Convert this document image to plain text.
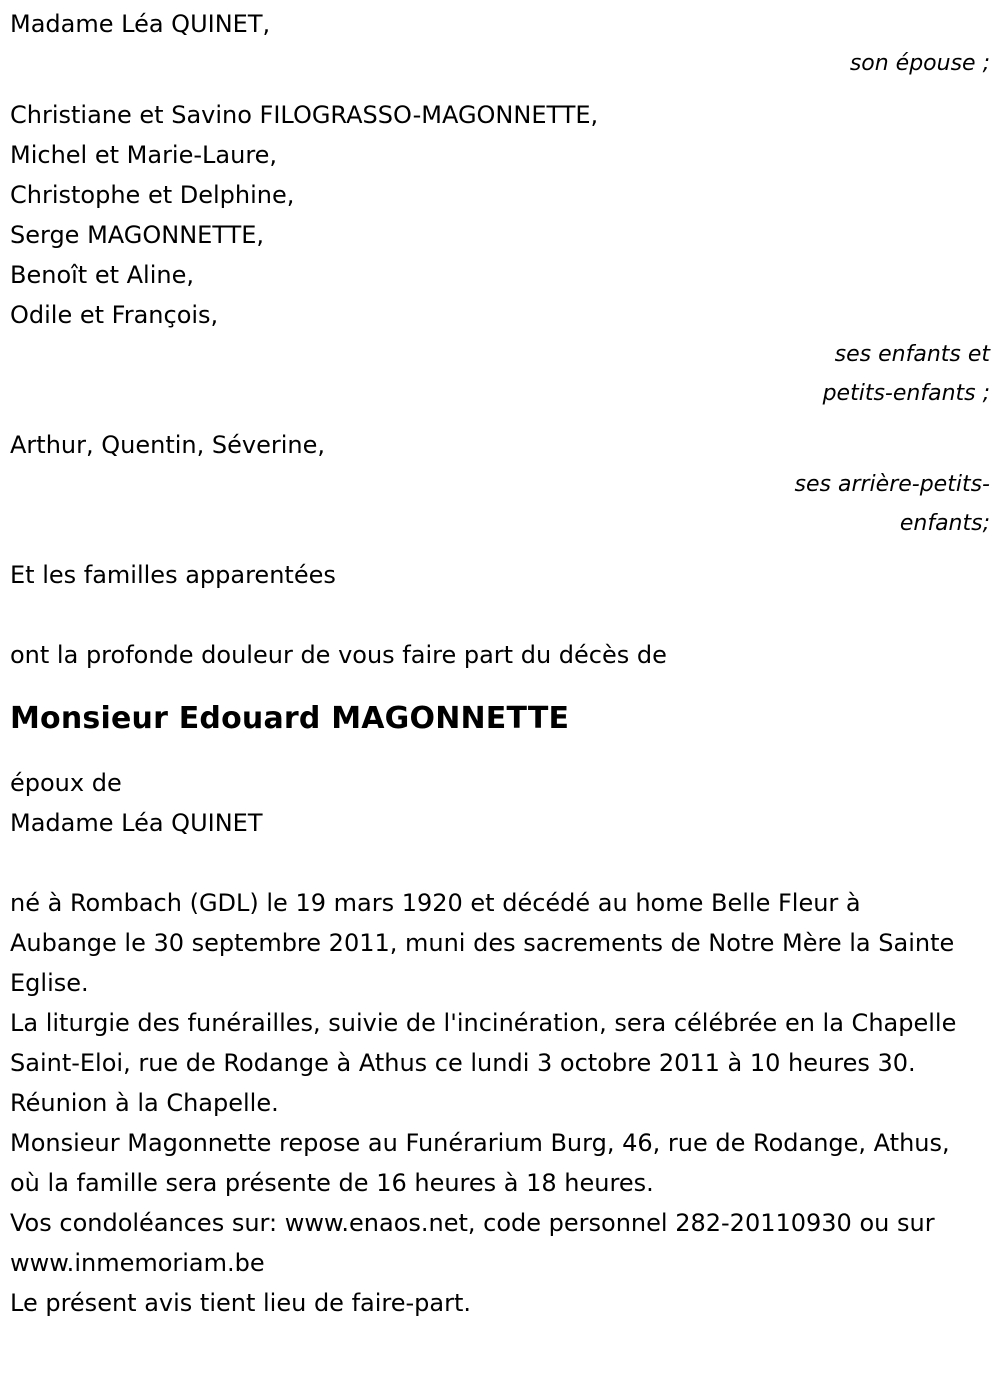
Madame Léa QUINET,
son épouse ;
Christiane et Savino FILOGRASSO-MAGONNETTE,
Michel et Marie-Laure,
Christophe et Delphine,
Serge MAGONNETTE,
Benoît et Aline,
Odile et François,
ses enfants et
petits-enfants ;
Arthur, Quentin, Séverine,
ses arrière-petits-
enfants;
Et les familles apparentées
ont la profonde douleur de vous faire part du décès de
Monsieur Edouard MAGONNETTE
époux de
Madame Léa QUINET
né à Rombach (GDL) le 19 mars 1920 et décédé au home Belle Fleur à Aubange le 30 septembre 2011, muni des sacrements de Notre Mère la Sainte Eglise.
La liturgie des funérailles, suivie de l'incinération, sera célébrée en la Chapelle Saint-Eloi, rue de Rodange à Athus ce lundi 3 octobre 2011 à 10 heures 30.
Réunion à la Chapelle.
Monsieur Magonnette repose au Funérarium Burg, 46, rue de Rodange, Athus, où la famille sera présente de 16 heures à 18 heures.
Vos condoléances sur: www.enaos.net, code personnel 282-20110930 ou sur www.inmemoriam.be
Le présent avis tient lieu de faire-part.
